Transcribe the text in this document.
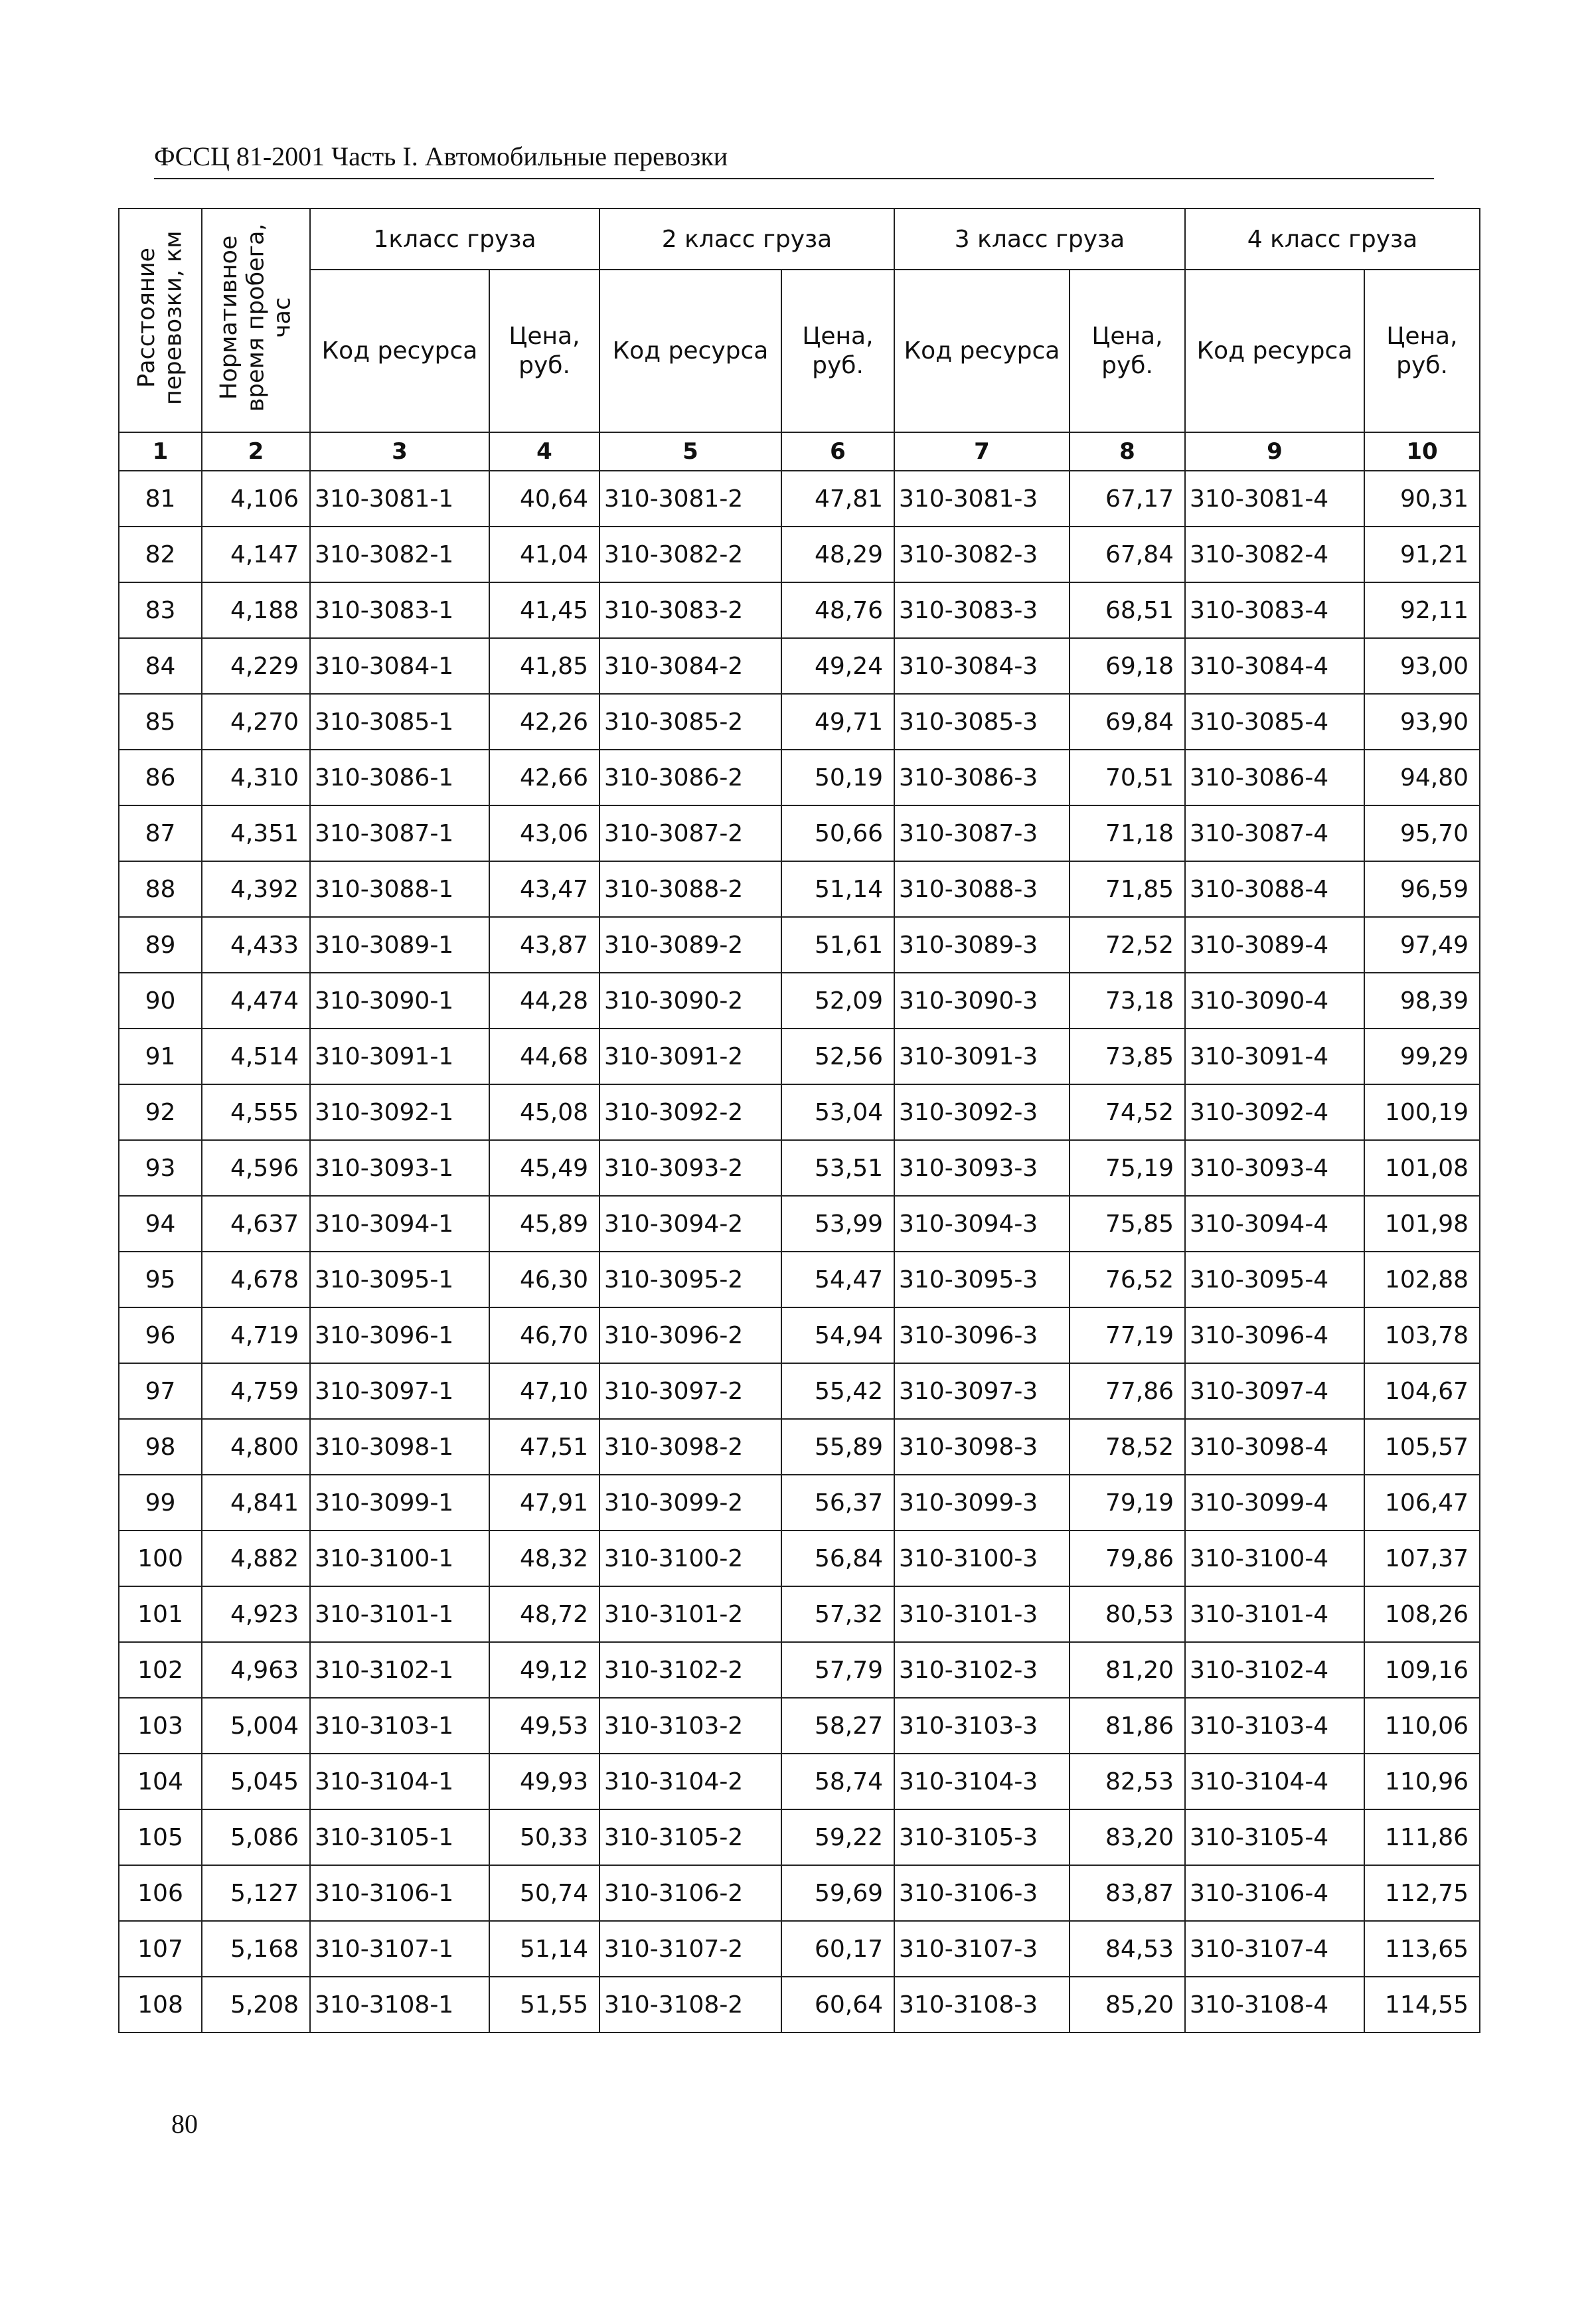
ФССЦ 81-2001 Часть I. Автомобильные перевозки
Расстояние перевозки, км	Нормативное время пробега, час	1класс груза		2 класс груза		3 класс груза		4 класс груза	
		Код ресурса	Цена, руб.	Код ресурса	Цена, руб.	Код ресурса	Цена, руб.	Код ресурса	Цена, руб.
1	2	3	4	5	6	7	8	9	10
81	4,106	310-3081-1	40,64	310-3081-2	47,81	310-3081-3	67,17	310-3081-4	90,31
82	4,147	310-3082-1	41,04	310-3082-2	48,29	310-3082-3	67,84	310-3082-4	91,21
83	4,188	310-3083-1	41,45	310-3083-2	48,76	310-3083-3	68,51	310-3083-4	92,11
84	4,229	310-3084-1	41,85	310-3084-2	49,24	310-3084-3	69,18	310-3084-4	93,00
85	4,270	310-3085-1	42,26	310-3085-2	49,71	310-3085-3	69,84	310-3085-4	93,90
86	4,310	310-3086-1	42,66	310-3086-2	50,19	310-3086-3	70,51	310-3086-4	94,80
87	4,351	310-3087-1	43,06	310-3087-2	50,66	310-3087-3	71,18	310-3087-4	95,70
88	4,392	310-3088-1	43,47	310-3088-2	51,14	310-3088-3	71,85	310-3088-4	96,59
89	4,433	310-3089-1	43,87	310-3089-2	51,61	310-3089-3	72,52	310-3089-4	97,49
90	4,474	310-3090-1	44,28	310-3090-2	52,09	310-3090-3	73,18	310-3090-4	98,39
91	4,514	310-3091-1	44,68	310-3091-2	52,56	310-3091-3	73,85	310-3091-4	99,29
92	4,555	310-3092-1	45,08	310-3092-2	53,04	310-3092-3	74,52	310-3092-4	100,19
93	4,596	310-3093-1	45,49	310-3093-2	53,51	310-3093-3	75,19	310-3093-4	101,08
94	4,637	310-3094-1	45,89	310-3094-2	53,99	310-3094-3	75,85	310-3094-4	101,98
95	4,678	310-3095-1	46,30	310-3095-2	54,47	310-3095-3	76,52	310-3095-4	102,88
96	4,719	310-3096-1	46,70	310-3096-2	54,94	310-3096-3	77,19	310-3096-4	103,78
97	4,759	310-3097-1	47,10	310-3097-2	55,42	310-3097-3	77,86	310-3097-4	104,67
98	4,800	310-3098-1	47,51	310-3098-2	55,89	310-3098-3	78,52	310-3098-4	105,57
99	4,841	310-3099-1	47,91	310-3099-2	56,37	310-3099-3	79,19	310-3099-4	106,47
100	4,882	310-3100-1	48,32	310-3100-2	56,84	310-3100-3	79,86	310-3100-4	107,37
101	4,923	310-3101-1	48,72	310-3101-2	57,32	310-3101-3	80,53	310-3101-4	108,26
102	4,963	310-3102-1	49,12	310-3102-2	57,79	310-3102-3	81,20	310-3102-4	109,16
103	5,004	310-3103-1	49,53	310-3103-2	58,27	310-3103-3	81,86	310-3103-4	110,06
104	5,045	310-3104-1	49,93	310-3104-2	58,74	310-3104-3	82,53	310-3104-4	110,96
105	5,086	310-3105-1	50,33	310-3105-2	59,22	310-3105-3	83,20	310-3105-4	111,86
106	5,127	310-3106-1	50,74	310-3106-2	59,69	310-3106-3	83,87	310-3106-4	112,75
107	5,168	310-3107-1	51,14	310-3107-2	60,17	310-3107-3	84,53	310-3107-4	113,65
108	5,208	310-3108-1	51,55	310-3108-2	60,64	310-3108-3	85,20	310-3108-4	114,55
80
